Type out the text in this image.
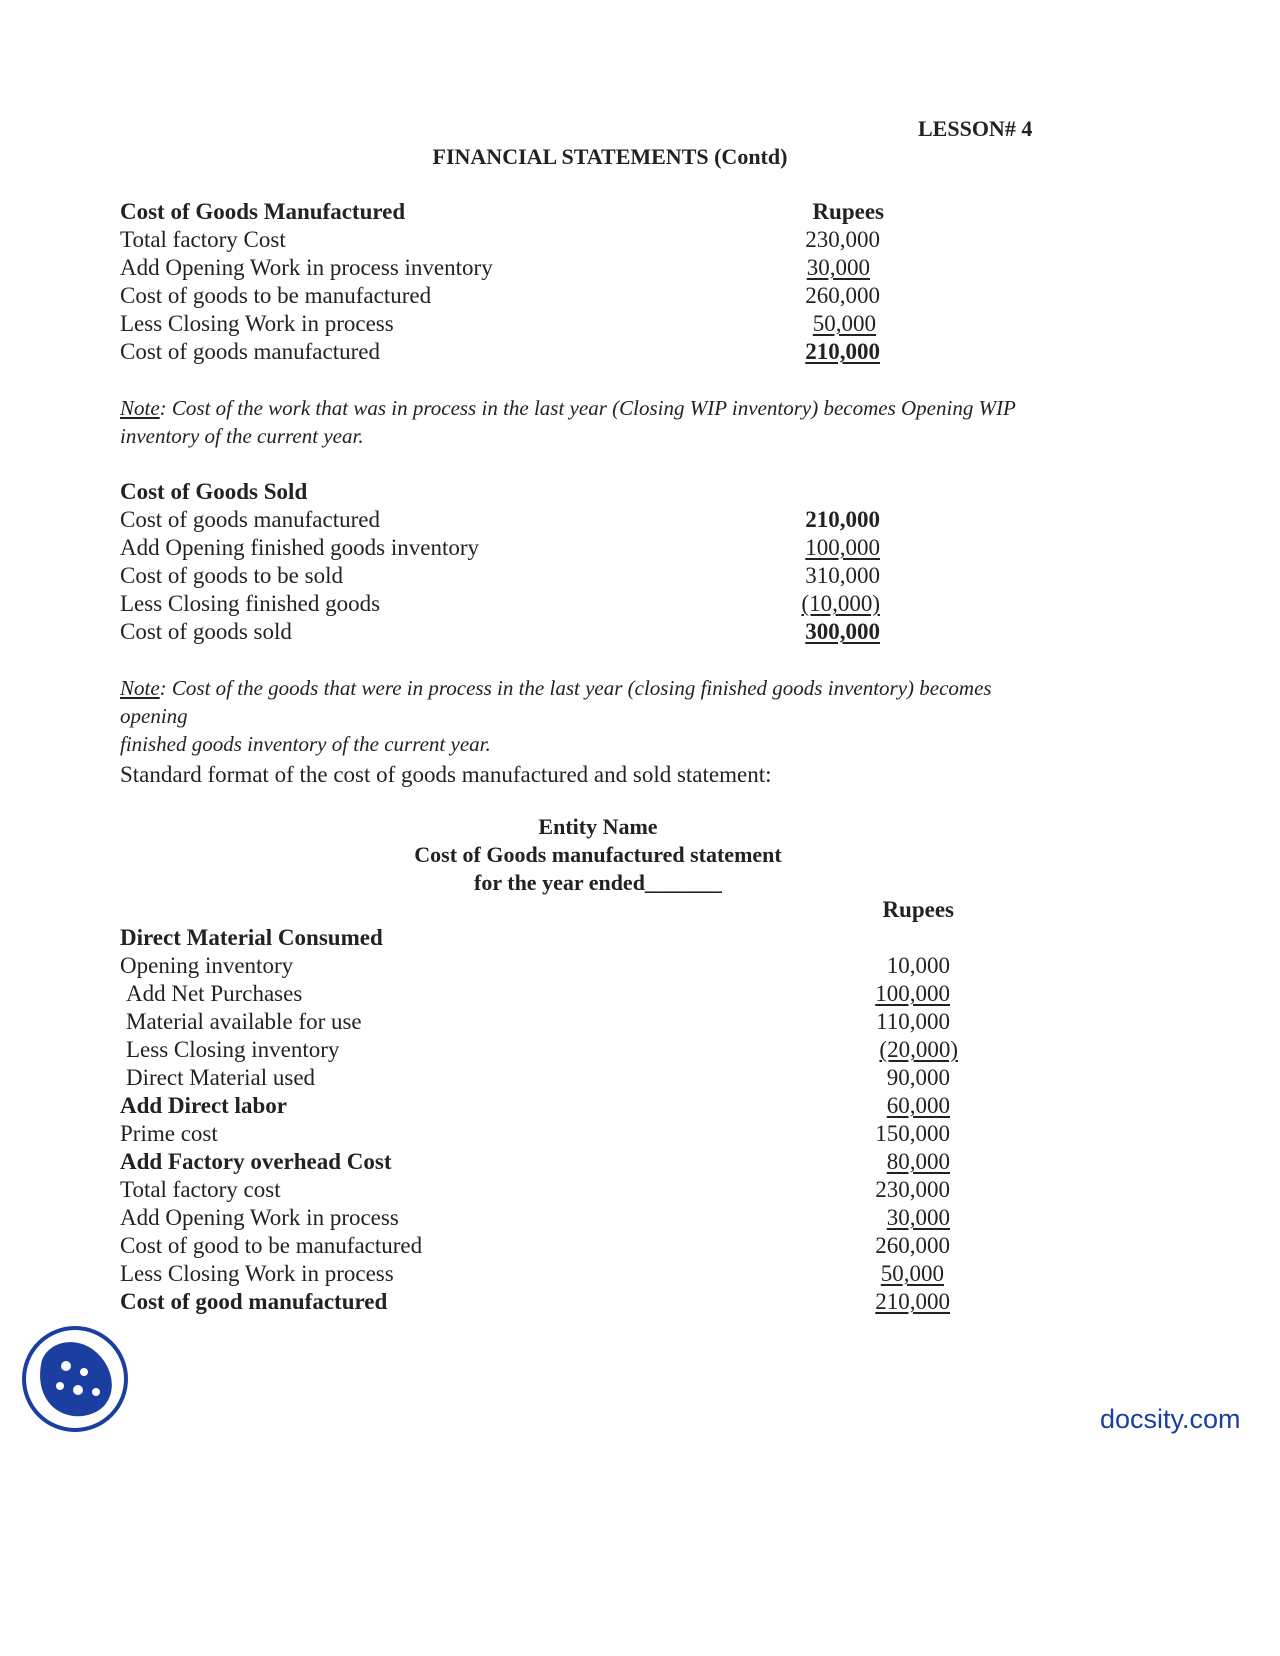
LESSON# 4
FINANCIAL STATEMENTS (Contd)
Cost of Goods Manufactured	Rupees
Total factory Cost	230,000
Add Opening Work in process inventory	30,000
Cost of goods to be manufactured	260,000
Less Closing Work in process	50,000
Cost of goods manufactured	210,000
Note: Cost of the work that was in process in the last year (Closing WIP inventory) becomes Opening WIP
inventory of the current year.
Cost of Goods Sold
Cost of goods manufactured	210,000
Add Opening finished goods inventory	100,000
Cost of goods to be sold	310,000
Less Closing finished goods	(10,000)
Cost of goods sold	300,000
Note: Cost of the goods that were in process in the last year (closing finished goods inventory) becomes opening
finished goods inventory of the current year.
Standard format of the cost of goods manufactured and sold statement:
Entity Name
Cost of Goods manufactured statement
for the year ended_______
Rupees
Direct Material Consumed
Opening inventory	10,000
Add Net Purchases	100,000
Material available for use	110,000
Less Closing inventory	(20,000)
Direct Material used	90,000
Add Direct labor	60,000
Prime cost	150,000
Add Factory overhead Cost	80,000
Total factory cost	230,000
Add Opening Work in process	30,000
Cost of good to be manufactured	260,000
Less Closing Work in process	50,000
Cost of good manufactured	210,000
docsity.com
